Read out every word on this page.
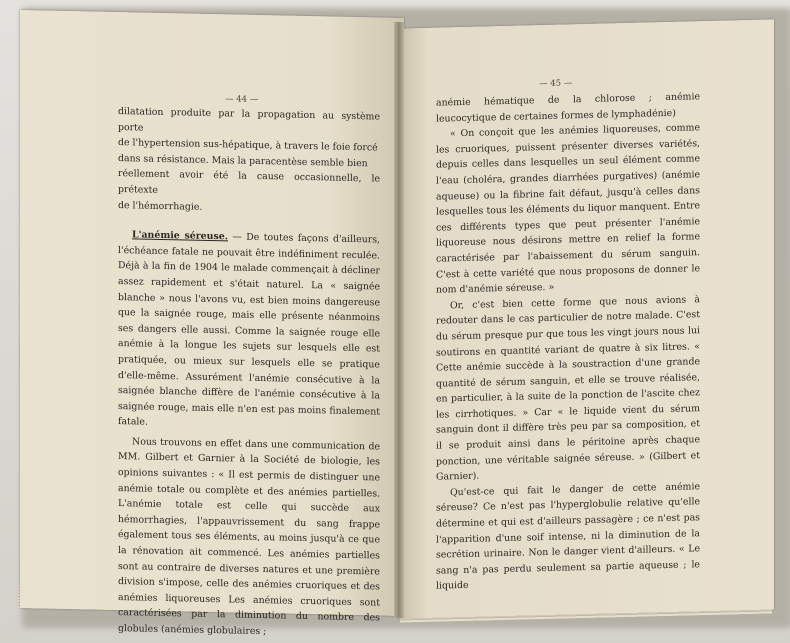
— 44 —

dilatation produite par la propagation au système porte

de l'hypertension sus-hépatique, à travers le foie forcé

dans sa résistance. Mais la paracentèse semble bien

réellement avoir été la cause occasionnelle, le prétexte

de l'hémorrhagie.

L'anémie séreuse. — De toutes façons d'ailleurs, l'échéance fatale ne pouvait être indéfiniment reculée. Déjà à la fin de 1904 le malade commençait à décliner assez rapidement et s'était naturel. La « saignée blanche » nous l'avons vu, est bien moins dangereuse que la saignée rouge, mais elle présente néanmoins ses dangers elle aussi. Comme la saignée rouge elle anémie à la longue les sujets sur lesquels elle est pratiquée, ou mieux sur lesquels elle se pratique d'elle-même. Assurément l'anémie consécutive à la saignée blanche diffère de l'anémie consécutive à la saignée rouge, mais elle n'en est pas moins finalement fatale.

Nous trouvons en effet dans une communication de MM. Gilbert et Garnier à la Société de biologie, les opinions suivantes : « Il est permis de distinguer une anémie totale ou complète et des anémies partielles. L'anémie totale est celle qui succède aux hémorrhagies, l'appauvrissement du sang frappe également tous ses éléments, au moins jusqu'à ce que la rénovation ait commencé. Les anémies partielles sont au contraire de diverses natures et une première division s'impose, celle des anémies cruoriques et des anémies liquoreuses Les anémies cruoriques sont caractérisées par la diminution du nombre des globules (anémies globulaires ;

— 45 —

anémie hématique de la chlorose ; anémie leucocytique de certaines formes de lymphadénie)

« On conçoit que les anémies liquoreuses, comme les cruoriques, puissent présenter diverses variétés, depuis celles dans lesquelles un seul élément comme l'eau (choléra, grandes diarrhées purgatives) (anémie aqueuse) ou la fibrine fait défaut, jusqu'à celles dans lesquelles tous les éléments du liquor manquent. Entre ces différents types que peut présenter l'anémie liquoreuse nous désirons mettre en relief la forme caractérisée par l'abaissement du sérum sanguin. C'est à cette variété que nous proposons de donner le nom d'anémie séreuse. »

Or, c'est bien cette forme que nous avions à redouter dans le cas particulier de notre malade. C'est du sérum presque pur que tous les vingt jours nous lui soutirons en quantité variant de quatre à six litres. « Cette anémie succède à la soustraction d'une grande quantité de sérum sanguin, et elle se trouve réalisée, en particulier, à la suite de la ponction de l'ascite chez les cirrhotiques. » Car « le liquide vient du sérum sanguin dont il diffère très peu par sa composition, et il se produit ainsi dans le péritoine après chaque ponction, une véritable saignée séreuse. » (Gilbert et Garnier).

Qu'est-ce qui fait le danger de cette anémie séreuse? Ce n'est pas l'hyperglobulie relative qu'elle détermine et qui est d'ailleurs passagère ; ce n'est pas l'apparition d'une soif intense, ni la diminution de la secrétion urinaire. Non le danger vient d'ailleurs. « Le sang n'a pas perdu seulement sa partie aqueuse ; le liquide
